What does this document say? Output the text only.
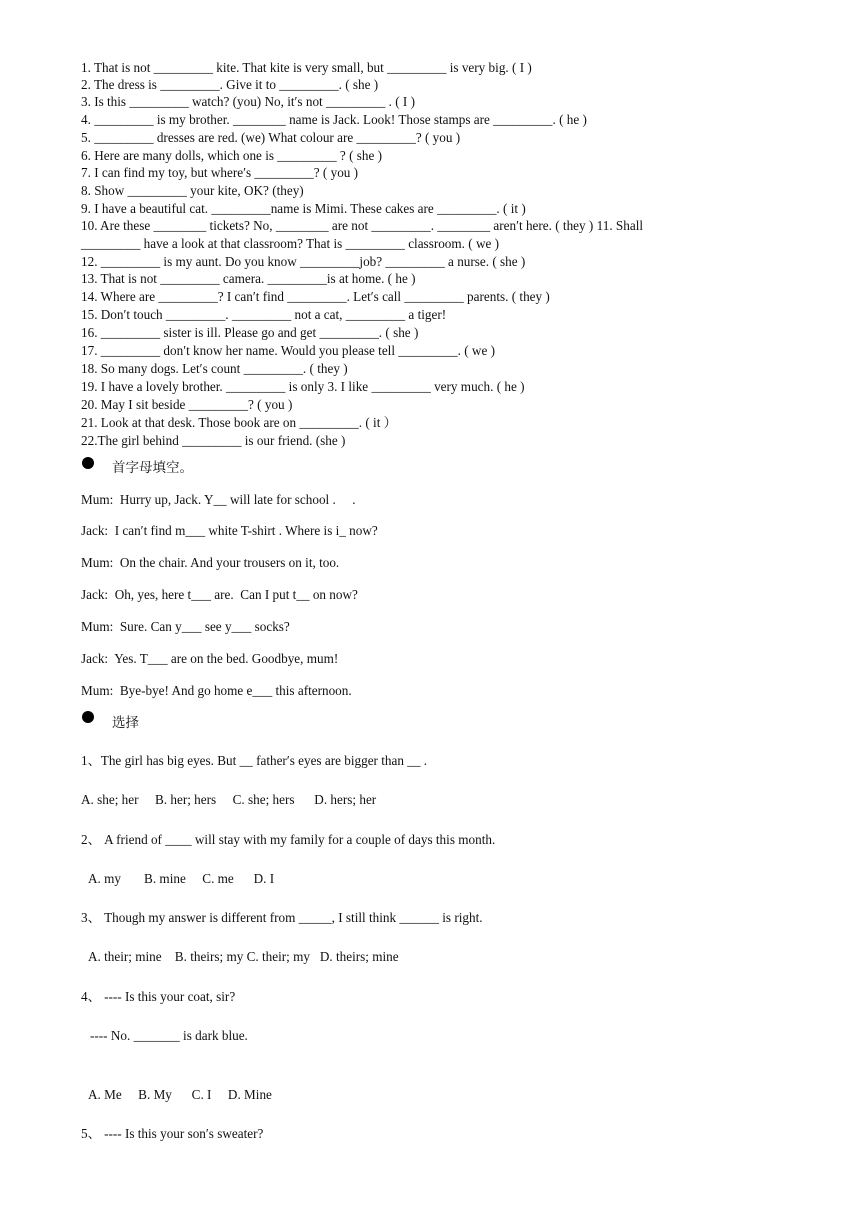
1. That is not _________ kite. That kite is very small, but _________ is very big. ( I )
2. The dress is _________. Give it to _________. ( she )
3. Is this _________ watch? (you) No, it′s not _________ . ( I )
4. _________ is my brother. ________ name is Jack. Look! Those stamps are _________. ( he )
5. _________ dresses are red. (we) What colour are _________? ( you )
6. Here are many dolls, which one is _________ ? ( she )
7. I can find my toy, but where′s _________? ( you )
8. Show _________ your kite, OK? (they)
9. I have a beautiful cat. _________name is Mimi. These cakes are _________. ( it )
10. Are these ________ tickets? No, ________ are not _________. ________ aren′t here. ( they ) 11. Shall
_________ have a look at that classroom? That is _________ classroom. ( we )
12. _________ is my aunt. Do you know _________job? _________ a nurse. ( she )
13. That is not _________ camera. _________is at home. ( he )
14. Where are _________? I can′t find _________. Let′s call _________ parents. ( they )
15. Don′t touch _________. _________ not a cat, _________ a tiger!
16. _________ sister is ill. Please go and get _________. ( she )
17. _________ don′t know her name. Would you please tell _________. ( we )
18. So many dogs. Let′s count _________. ( they )
19. I have a lovely brother. _________ is only 3. I like _________ very much. ( he )
20. May I sit beside _________? ( you )
21. Look at that desk. Those book are on _________. ( it ）
22.The girl behind _________ is our friend. (she )
首字母填空。
Mum:  Hurry up, Jack. Y__ will late for school .     .
Jack:  I can′t find m___ white T-shirt . Where is i_ now?
Mum:  On the chair. And your trousers on it, too.
Jack:  Oh, yes, here t___ are.  Can I put t__ on now?
Mum:  Sure. Can y___ see y___ socks?
Jack:  Yes. T___ are on the bed. Goodbye, mum!
Mum:  Bye-bye! And go home e___ this afternoon.
选择
1、The girl has big eyes. But __ father′s eyes are bigger than __ .
A. she; her     B. her; hers     C. she; hers      D. hers; her
2、 A friend of ____ will stay with my family for a couple of days this month.
A. my       B. mine     C. me      D. I
3、 Though my answer is different from _____, I still think ______ is right.
A. their; mine    B. theirs; my C. their; my   D. theirs; mine
4、 ---- Is this your coat, sir?
---- No. _______ is dark blue.
A. Me     B. My      C. I     D. Mine
5、 ---- Is this your son′s sweater?
